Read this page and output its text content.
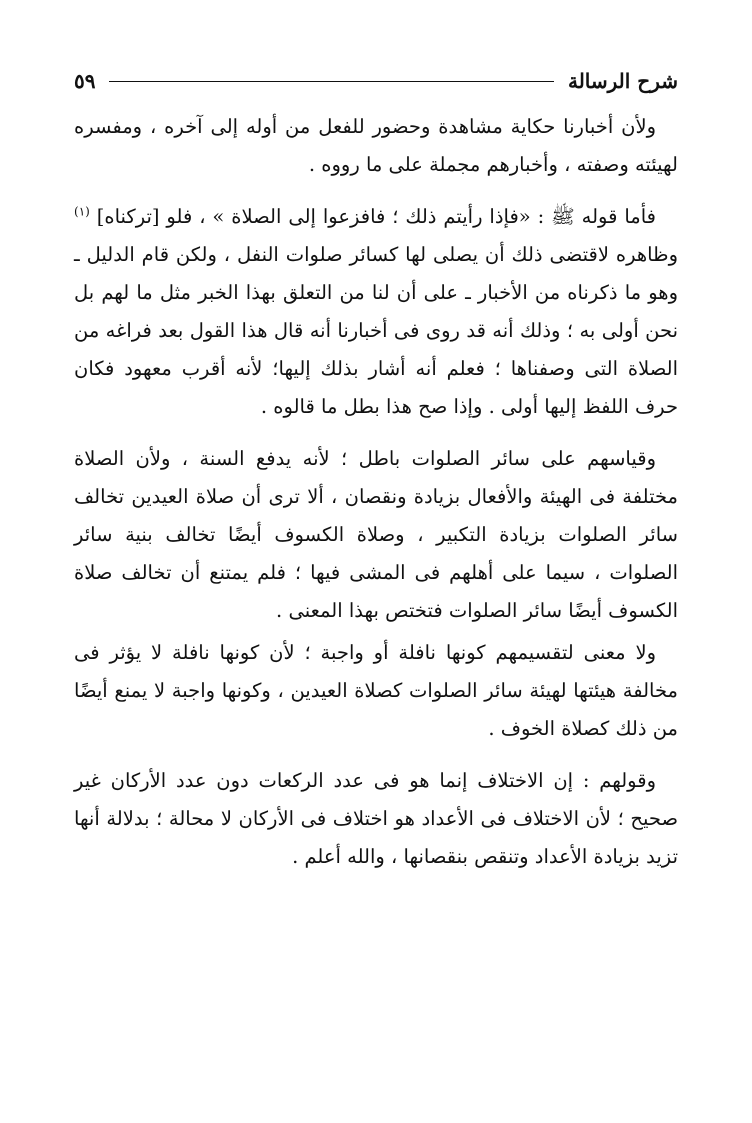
شرح الرسالة
٥٩

ولأن أخبارنا حكاية مشاهدة وحضور للفعل من أوله إلى آخره ، ومفسره لهيئته وصفته ، وأخبارهم مجملة على ما رووه .

فأما قوله ﷺ : «فإذا رأيتم ذلك ؛ فافزعوا إلى الصلاة » ، فلو [تركناه] $^{(١)}$ وظاهره لاقتضى ذلك أن يصلى لها كسائر صلوات النفل ، ولكن قام الدليل ـ وهو ما ذكرناه من الأخبار ـ على أن لنا من التعلق بهذا الخبر مثل ما لهم بل نحن أولى به ؛ وذلك أنه قد روى فى أخبارنا أنه قال هذا القول بعد فراغه من الصلاة التى وصفناها ؛ فعلم أنه أشار بذلك إليها؛ لأنه أقرب معهود فكان حرف اللفظ إليها أولى . وإذا صح هذا بطل ما قالوه .

وقياسهم على سائر الصلوات باطل ؛ لأنه يدفع السنة ، ولأن الصلاة مختلفة فى الهيئة والأفعال بزيادة ونقصان ، ألا ترى أن صلاة العيدين تخالف سائر الصلوات بزيادة التكبير ، وصلاة الكسوف أيضًا تخالف بنية سائر الصلوات ، سيما على أهلهم فى المشى فيها ؛ فلم يمتنع أن تخالف صلاة الكسوف أيضًا سائر الصلوات فتختص بهذا المعنى .

ولا معنى لتقسيمهم كونها نافلة أو واجبة ؛ لأن كونها نافلة لا يؤثر فى مخالفة هيئتها لهيئة سائر الصلوات كصلاة العيدين ، وكونها واجبة لا يمنع أيضًا من ذلك كصلاة الخوف .

وقولهم : إن الاختلاف إنما هو فى عدد الركعات دون عدد الأركان غير صحيح ؛ لأن الاختلاف فى الأعداد هو اختلاف فى الأركان لا محالة ؛ بدلالة أنها تزيد بزيادة الأعداد وتنقص بنقصانها ، والله أعلم .
